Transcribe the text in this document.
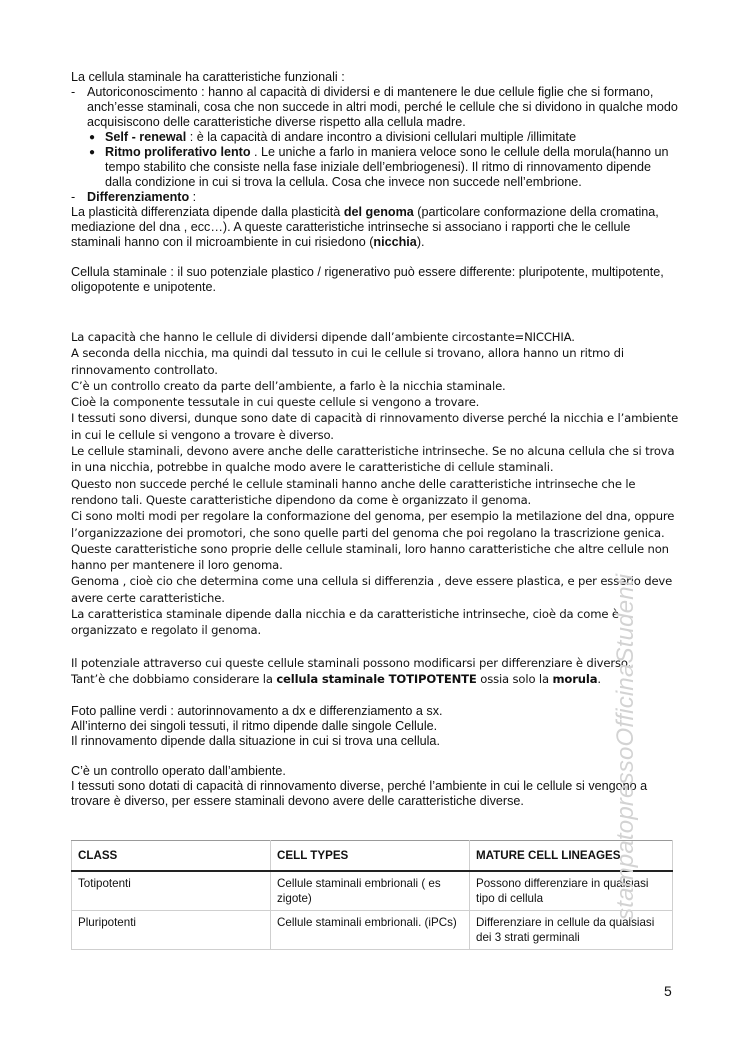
La cellula staminale ha caratteristiche funzionali :

- Autoriconoscimento : hanno al capacità di dividersi e di mantenere le due cellule figlie che si formano, anch’esse staminali, cosa che non succede in altri modi, perché le cellule che si dividono in qualche modo acquisiscono delle caratteristiche diverse rispetto alla cellula madre.
● Self - renewal : è la capacità di andare incontro a divisioni cellulari multiple /illimitate
● Ritmo proliferativo lento . Le uniche a farlo in maniera veloce sono le cellule della morula(hanno un tempo stabilito che consiste nella fase iniziale dell’embriogenesi). Il ritmo di rinnovamento dipende dalla condizione in cui si trova la cellula. Cosa che invece non succede nell’embrione.
- Differenziamento :

La plasticità differenziata dipende dalla plasticità del genoma (particolare conformazione della cromatina, mediazione del dna , ecc…). A queste caratteristiche intrinseche si associano i rapporti che le cellule staminali hanno con il microambiente in cui risiedono (nicchia).

Cellula staminale : il suo potenziale plastico / rigenerativo può essere differente: pluripotente, multipotente, oligopotente e unipotente.

La capacità che hanno le cellule di dividersi dipende dall’ambiente circostante=NICCHIA.

A seconda della nicchia, ma quindi dal tessuto in cui le cellule si trovano, allora hanno un ritmo di rinnovamento controllato.

C’è un controllo creato da parte dell’ambiente, a farlo è la nicchia staminale.

Cioè la componente tessutale in cui queste cellule si vengono a trovare.

I tessuti sono diversi, dunque sono date di capacità di rinnovamento diverse perché la nicchia e l’ambiente in cui le cellule si vengono a trovare è diverso.

Le cellule staminali, devono avere anche delle caratteristiche intrinseche. Se no alcuna cellula che si trova in una nicchia, potrebbe in qualche modo avere le caratteristiche di cellule staminali.

Questo non succede perché le cellule staminali hanno anche delle caratteristiche intrinseche che le rendono tali. Queste caratteristiche dipendono da come è organizzato il genoma.

Ci sono molti modi per regolare la conformazione del genoma, per esempio la metilazione del dna, oppure l’organizzazione dei promotori, che sono quelle parti del genoma che poi regolano la trascrizione genica.

Queste caratteristiche sono proprie delle cellule staminali, loro hanno caratteristiche che altre cellule non hanno per mantenere il loro genoma.

Genoma , cioè cio che determina come una cellula si differenzia , deve essere plastica, e per esserlo deve avere certe caratteristiche.

La caratteristica staminale dipende dalla nicchia e da caratteristiche intrinseche, cioè da come è organizzato e regolato il genoma.

Il potenziale attraverso cui queste cellule staminali possono modificarsi per differenziare è diverso.

Tant’è che dobbiamo considerare la cellula staminale TOTIPOTENTE ossia solo la morula.

Foto palline verdi : autorinnovamento a dx e differenziamento a sx.

All’interno dei singoli tessuti, il ritmo dipende dalle singole Cellule.

Il rinnovamento dipende dalla situazione in cui si trova una cellula.

C’è un controllo operato dall’ambiente.

I tessuti sono dotati di capacità di rinnovamento diverse, perché l’ambiente in cui le cellule si vengono a trovare è diverso, per essere staminali devono avere delle caratteristiche diverse.

CLASS	CELL TYPES	MATURE CELL LINEAGES
Totipotenti	Cellule staminali embrionali ( es zigote)	Possono differenziare in qualsiasi tipo di cellula
Pluripotenti	Cellule staminali embrionali. (iPCs)	Differenziare in cellule da qualsiasi dei 3 strati germinali
stampatopressoOfficinaStudenti
5
